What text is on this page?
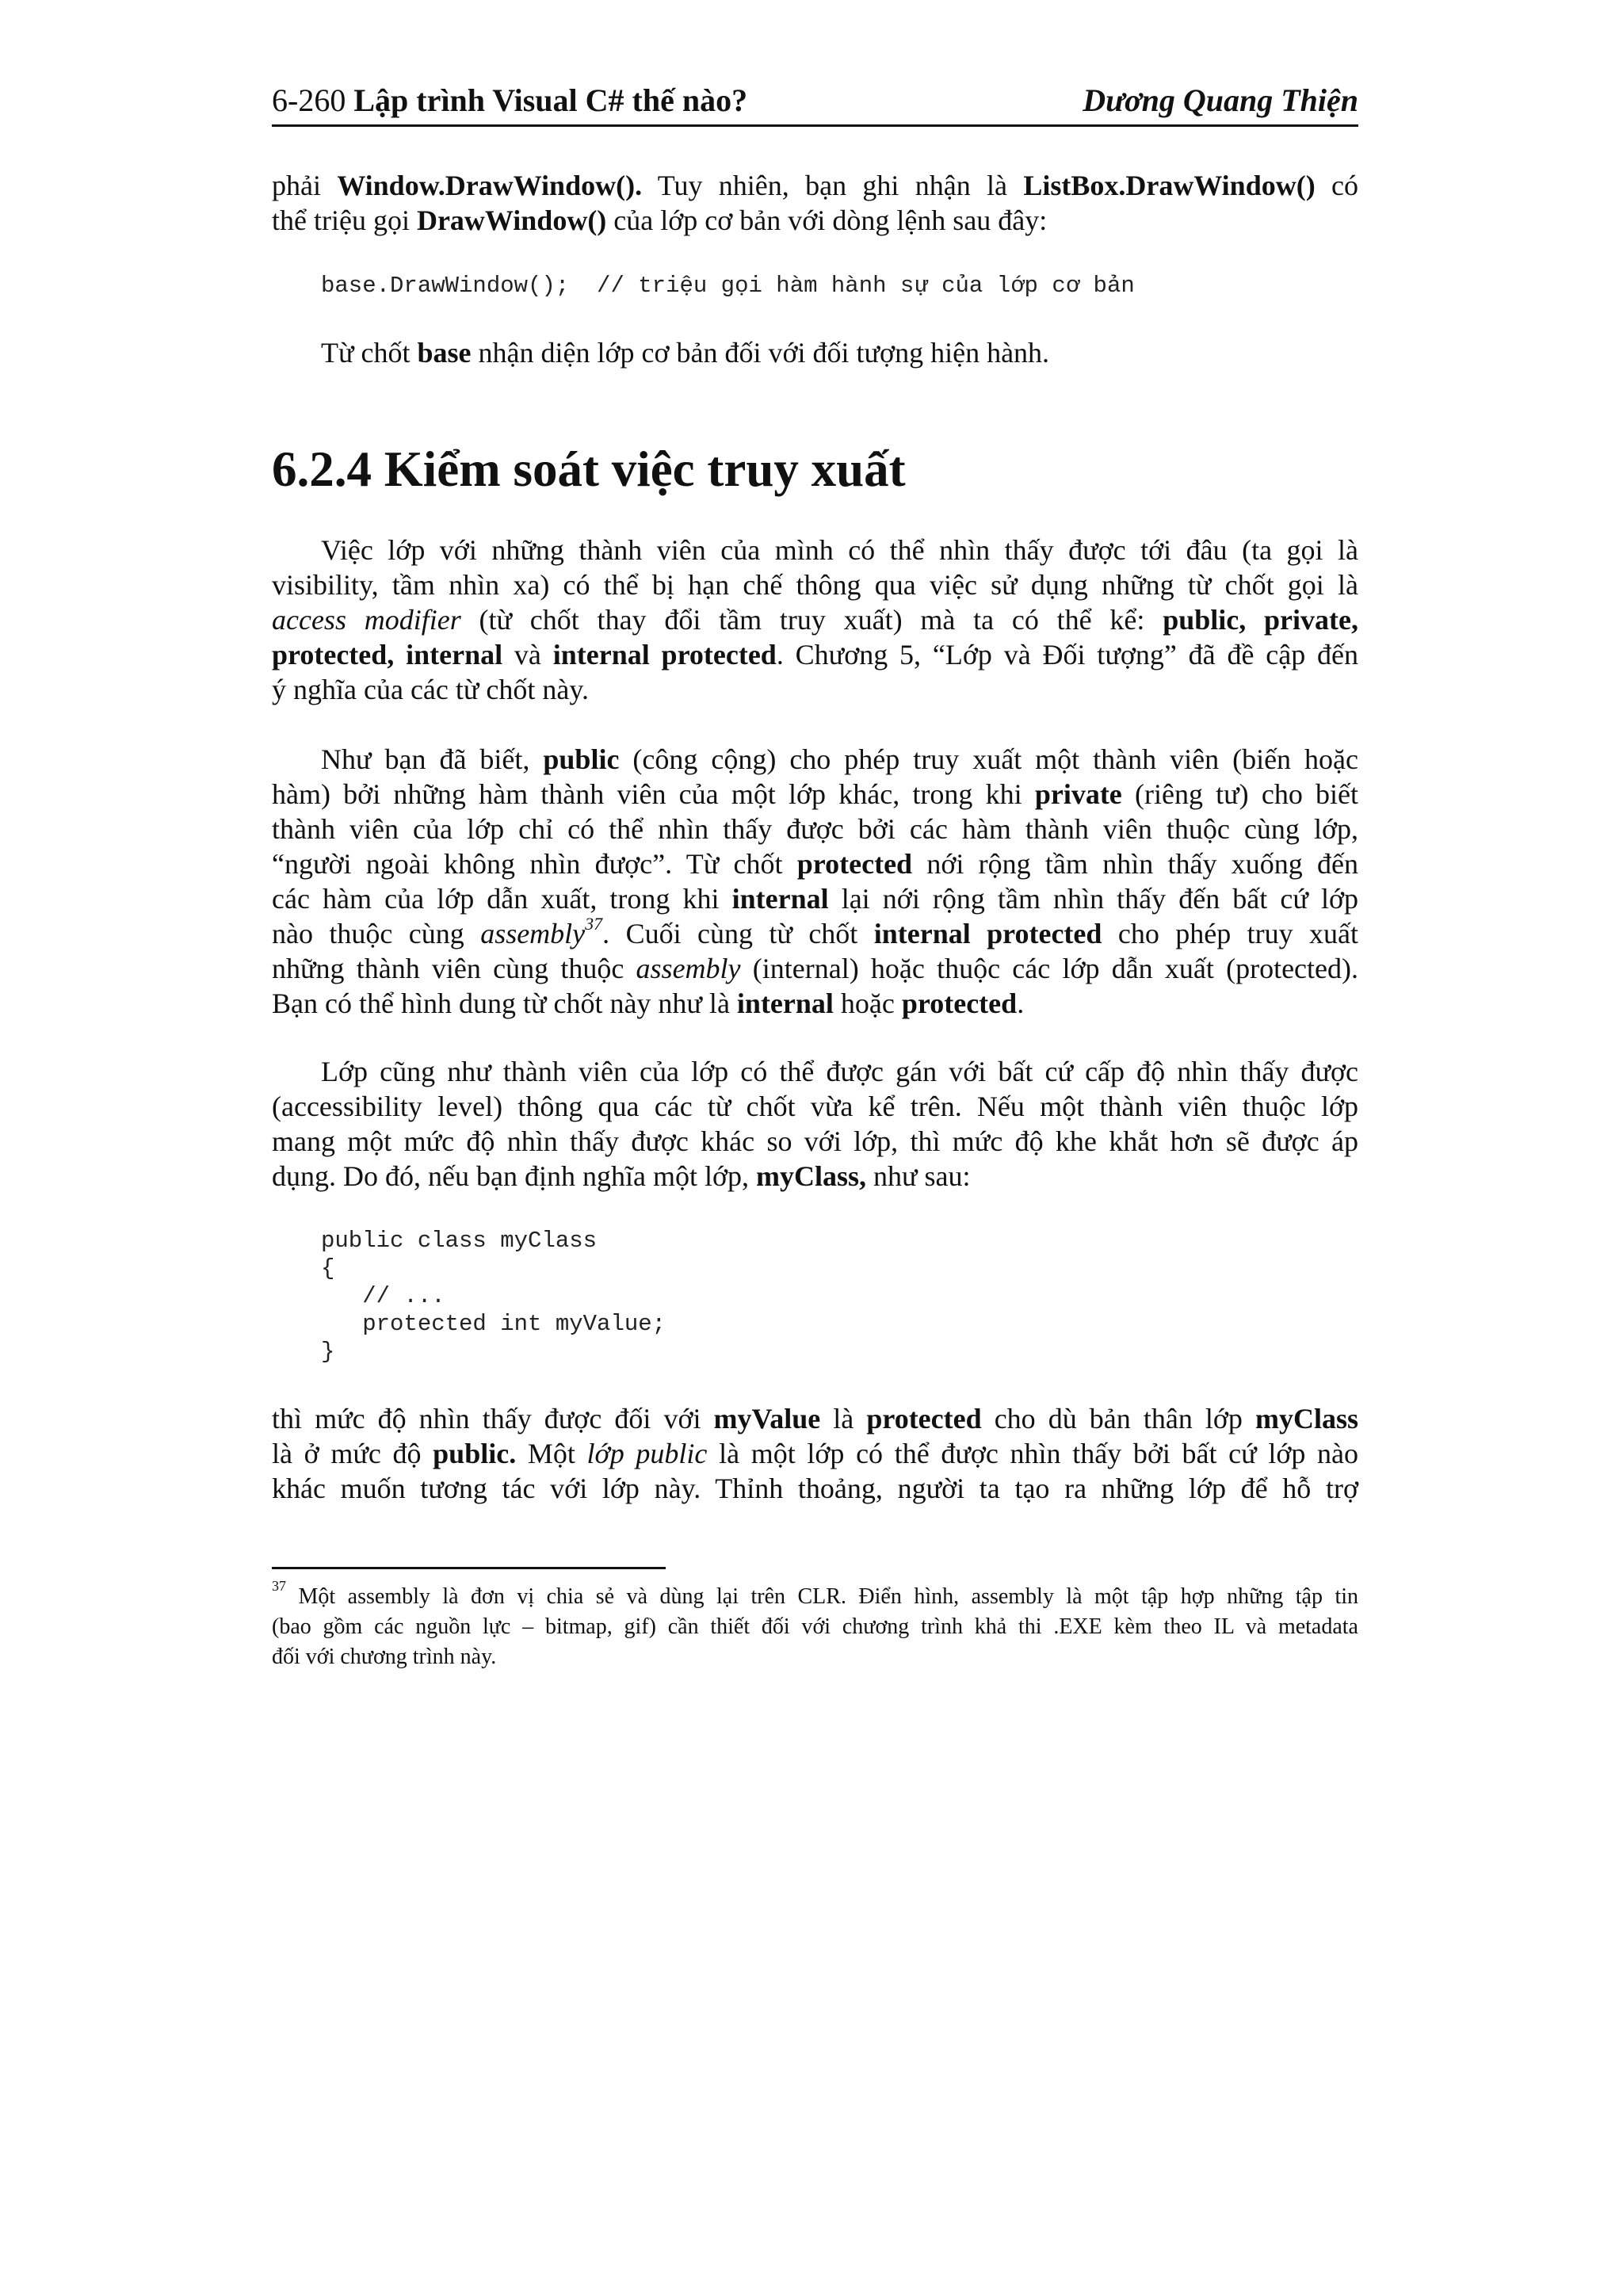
6-260 Lập trình Visual C# thế nào?	Dương Quang Thiện
phải Window.DrawWindow(). Tuy nhiên, bạn ghi nhận là ListBox.DrawWindow() có
thể triệu gọi DrawWindow() của lớp cơ bản với dòng lệnh sau đây:
base.DrawWindow();  // triệu gọi hàm hành sự của lớp cơ bản
Từ chốt base nhận diện lớp cơ bản đối với đối tượng hiện hành.
6.2.4 Kiểm soát việc truy xuất
Việc lớp với những thành viên của mình có thể nhìn thấy được tới đâu (ta gọi là
visibility, tầm nhìn xa) có thể bị hạn chế thông qua việc sử dụng những từ chốt gọi là
access modifier (từ chốt thay đổi tầm truy xuất) mà ta có thể kể: public, private,
protected, internal và internal protected. Chương 5, “Lớp và Đối tượng” đã đề cập đến
ý nghĩa của các từ chốt này.
Như bạn đã biết, public (công cộng) cho phép truy xuất một thành viên (biến hoặc
hàm) bởi những hàm thành viên của một lớp khác, trong khi private (riêng tư) cho biết
thành viên của lớp chỉ có thể nhìn thấy được bởi các hàm thành viên thuộc cùng lớp,
“người ngoài không nhìn được”. Từ chốt protected nới rộng tầm nhìn thấy xuống đến
các hàm của lớp dẫn xuất, trong khi internal lại nới rộng tầm nhìn thấy đến bất cứ lớp
nào thuộc cùng assembly$^{37}$. Cuối cùng từ chốt internal protected cho phép truy xuất
những thành viên cùng thuộc assembly (internal) hoặc thuộc các lớp dẫn xuất (protected).
Bạn có thể hình dung từ chốt này như là internal hoặc protected.
Lớp cũng như thành viên của lớp có thể được gán với bất cứ cấp độ nhìn thấy được
(accessibility level) thông qua các từ chốt vừa kể trên. Nếu một thành viên thuộc lớp
mang một mức độ nhìn thấy được khác so với lớp, thì mức độ khe khắt hơn sẽ được áp
dụng. Do đó, nếu bạn định nghĩa một lớp, myClass, như sau:
public class myClass
{
// ...
protected int myValue;
}
thì mức độ nhìn thấy được đối với myValue là protected cho dù bản thân lớp myClass
là ở mức độ public. Một lớp public là một lớp có thể được nhìn thấy bởi bất cứ lớp nào
khác muốn tương tác với lớp này. Thỉnh thoảng, người ta tạo ra những lớp để hỗ trợ
$^{37}$ Một assembly là đơn vị chia sẻ và dùng lại trên CLR. Điển hình, assembly là một tập hợp những tập tin
(bao gồm các nguồn lực – bitmap, gif) cần thiết đối với chương trình khả thi .EXE kèm theo IL và metadata
đối với chương trình này.
